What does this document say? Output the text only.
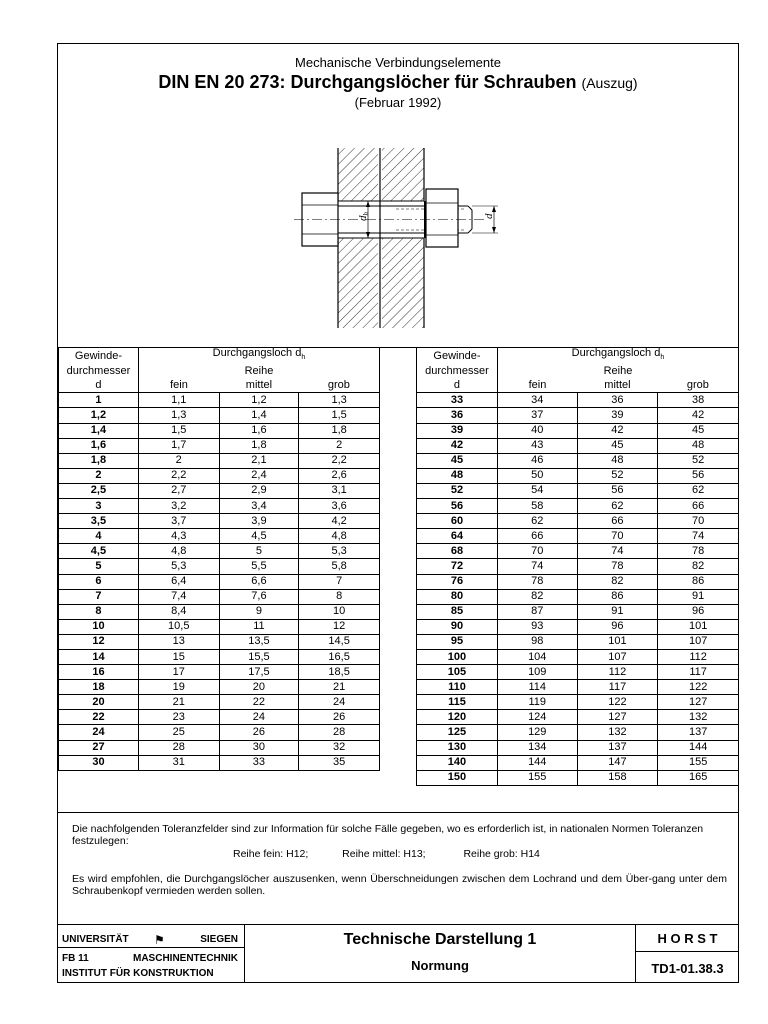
Mechanische Verbindungselemente
DIN EN 20 273: Durchgangslöcher für Schrauben (Auszug)
(Februar 1992)
dh	d
Gewinde-	Durchgangsloch $d_h$
durchmesser	Reihe		
d	fein	mittel	grob
1	1,1	1,2	1,3
1,2	1,3	1,4	1,5
1,4	1,5	1,6	1,8
1,6	1,7	1,8	2
1,8	2	2,1	2,2
2	2,2	2,4	2,6
2,5	2,7	2,9	3,1
3	3,2	3,4	3,6
3,5	3,7	3,9	4,2
4	4,3	4,5	4,8
4,5	4,8	5	5,3
5	5,3	5,5	5,8
6	6,4	6,6	7
7	7,4	7,6	8
8	8,4	9	10
10	10,5	11	12
12	13	13,5	14,5
14	15	15,5	16,5
16	17	17,5	18,5
18	19	20	21
20	21	22	24
22	23	24	26
24	25	26	28
27	28	30	32
30	31	33	35
Gewinde-	Durchgangsloch $d_h$
durchmesser	Reihe		
d	fein	mittel	grob
33	34	36	38
36	37	39	42
39	40	42	45
42	43	45	48
45	46	48	52
48	50	52	56
52	54	56	62
56	58	62	66
60	62	66	70
64	66	70	74
68	70	74	78
72	74	78	82
76	78	82	86
80	82	86	91
85	87	91	96
90	93	96	101
95	98	101	107
100	104	107	112
105	109	112	117
110	114	117	122
115	119	122	127
120	124	127	132
125	129	132	137
130	134	137	144
140	144	147	155
150	155	158	165
Die nachfolgenden Toleranzfelder sind zur Information für solche Fälle gegeben, wo es erforderlich ist, in nationalen Normen Toleranzen festzulegen:
Reihe fein: H12;	Reihe mittel: H13;	Reihe grob: H14
Es wird empfohlen, die Durchgangslöcher auszusenken, wenn Überschneidungen zwischen dem Lochrand und dem Über-gang unter dem Schraubenkopf vermieden werden sollen.
UNIVERSITÄT ⚑	SIEGEN
FB 11	MASCHINENTECHNIK
INSTITUT FÜR KONSTRUKTION
Technische Darstellung 1
Normung
H O R S T
TD1-01.38.3
